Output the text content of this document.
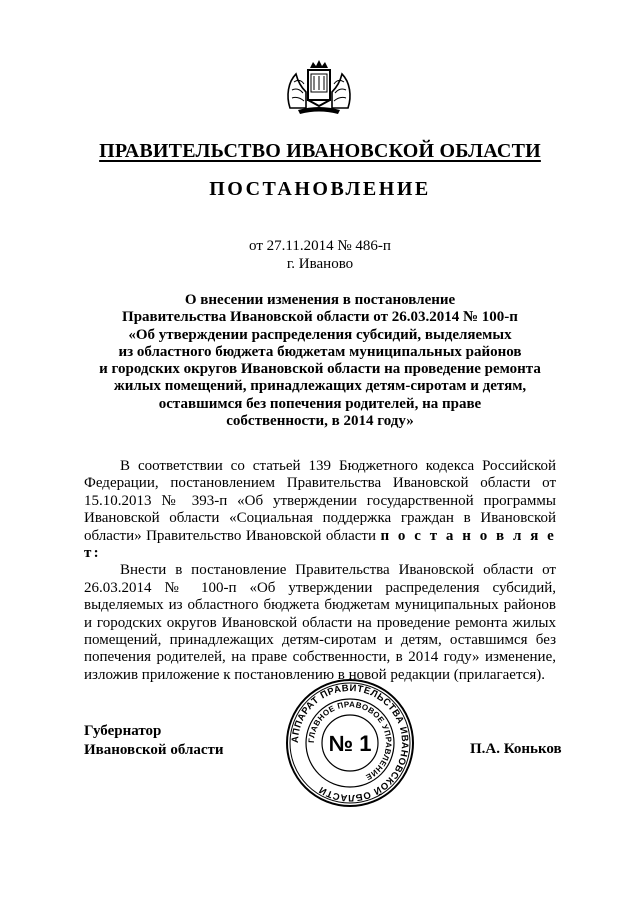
ПРАВИТЕЛЬСТВО ИВАНОВСКОЙ ОБЛАСТИ
ПОСТАНОВЛЕНИЕ
от 27.11.2014 № 486-п
г. Иваново
О внесении изменения в постановление
Правительства Ивановской области от 26.03.2014 № 100-п
«Об утверждении распределения субсидий, выделяемых
из областного бюджета бюджетам муниципальных районов
и городских округов Ивановской области на проведение ремонта
жилых помещений, принадлежащих детям-сиротам и детям,
оставшимся без попечения родителей, на праве
собственности, в 2014 году»

В соответствии со статьей 139 Бюджетного кодекса Российской Федерации, постановлением Правительства Ивановской области от 15.10.2013 № 393-п «Об утверждении государственной программы Ивановской области «Социальная поддержка граждан в Ивановской области» Правительство Ивановской области п о с т а н о в л я е т:

Внести в постановление Правительства Ивановской области от 26.03.2014 № 100-п «Об утверждении распределения субсидий, выделяемых из областного бюджета бюджетам муниципальных районов и городских округов Ивановской области на проведение ремонта жилых помещений, принадлежащих детям-сиротам и детям, оставшимся без попечения родителей, на праве собственности, в 2014 году» изменение, изложив приложение к постановлению в новой редакции (прилагается).

Губернатор
Ивановской области
АППАРАТ ПРАВИТЕЛЬСТВА ИВАНОВСКОЙ ОБЛАСТИ
ГЛАВНОЕ ПРАВОВОЕ УПРАВЛЕНИЕ
№ 1	П.А. Коньков
